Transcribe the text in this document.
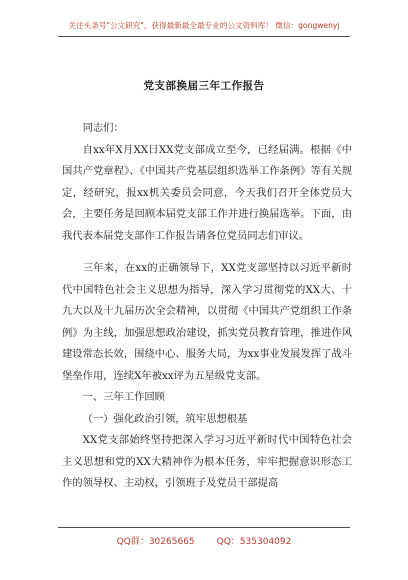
关注头条号"公文研究"，获得最新最全最专业的公文资料库！ 微信：gongwenyj
党支部换届三年工作报告

同志们：

自xx年X月XX日XX党支部成立至今，已经届满。根据《中国共产党章程》、《中国共产党基层组织选举工作条例》等有关规定，经研究，报xx机关委员会同意，今天我们召开全体党员大会，主要任务是回顾本届党支部工作并进行换届选举。下面，由我代表本届党支部作工作报告请各位党员同志们审议。

三年来，在xx的正确领导下，XX党支部坚持以习近平新时代中国特色社会主义思想为指导，深入学习贯彻党的XX大、十九大以及十九届历次全会精神，以贯彻《中国共产党组织工作条例》为主线，加强思想政治建设，抓实党员教育管理，推进作风建设常态长效，围绕中心、服务大局，为xx事业发展发挥了战斗堡垒作用，连续X年被xx评为五星级党支部。

一、三年工作回顾

（一）强化政治引领，筑牢思想根基

XX党支部始终坚持把深入学习习近平新时代中国特色社会主义思想和党的XX大精神作为根本任务，牢牢把握意识形态工作的领导权、主动权，引领班子及党员干部提高

QQ群：30265665 QQ：535304092
